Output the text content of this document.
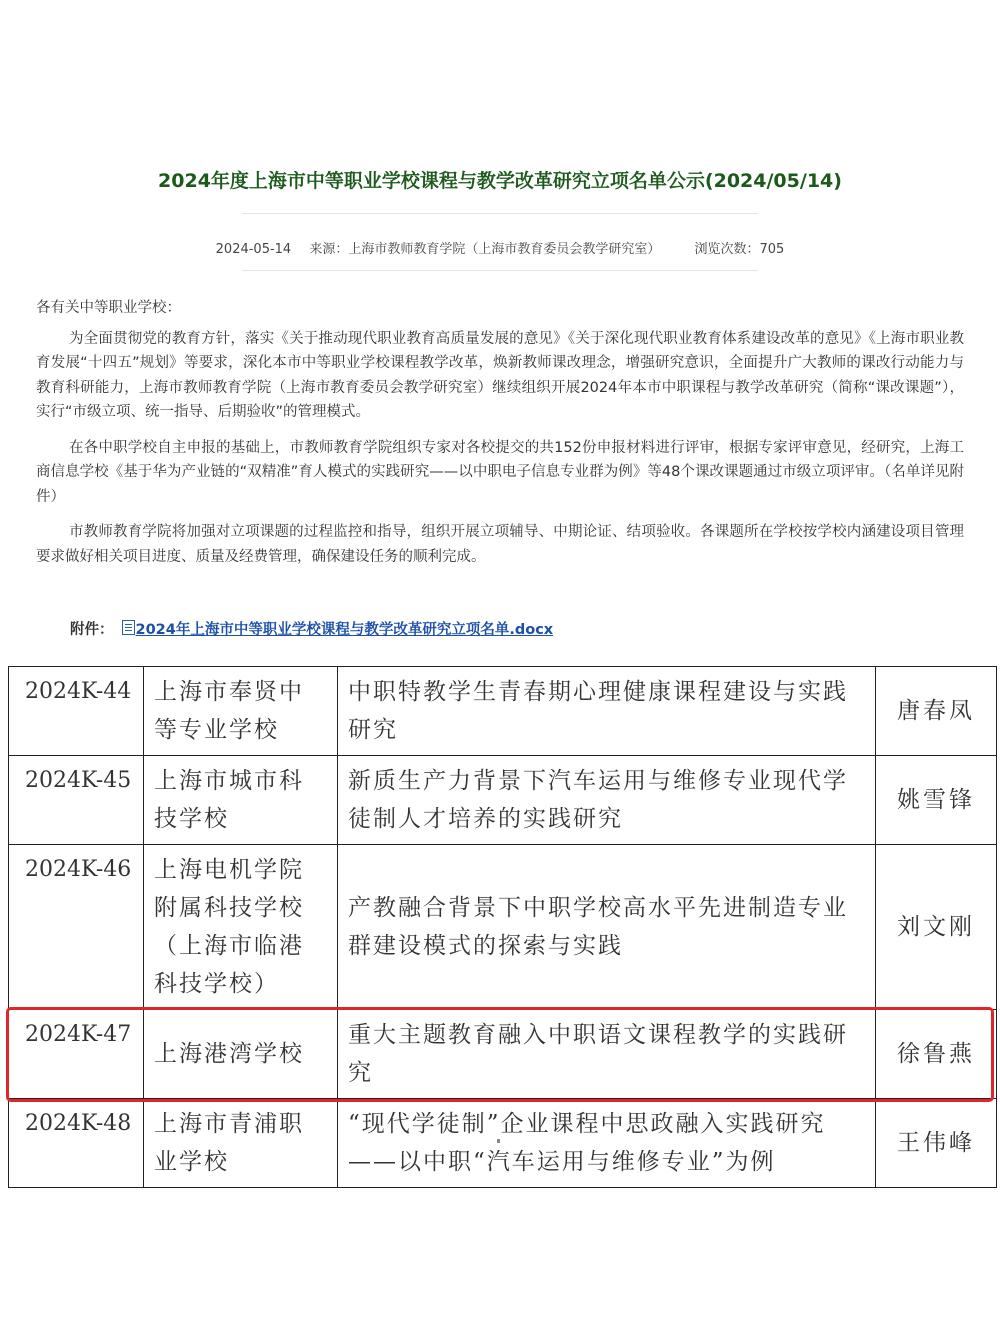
2024年度上海市中等职业学校课程与教学改革研究立项名单公示(2024/05/14)
2024-05-14 来源：上海市教师教育学院（上海市教育委员会教学研究室）	浏览次数：705

各有关中等职业学校：

为全面贯彻党的教育方针，落实《关于推动现代职业教育高质量发展的意见》《关于深化现代职业教育体系建设改革的意见》《上海市职业教育发展“十四五”规划》等要求，深化本市中等职业学校课程教学改革，焕新教师课改理念，增强研究意识，全面提升广大教师的课改行动能力与教育科研能力，上海市教师教育学院（上海市教育委员会教学研究室）继续组织开展2024年本市中职课程与教学改革研究（简称“课改课题”），实行“市级立项、统一指导、后期验收”的管理模式。

在各中职学校自主申报的基础上，市教师教育学院组织专家对各校提交的共152份申报材料进行评审，根据专家评审意见，经研究，上海工商信息学校《基于华为产业链的“双精准”育人模式的实践研究——以中职电子信息专业群为例》等48个课改课题通过市级立项评审。（名单详见附件）

市教师教育学院将加强对立项课题的过程监控和指导，组织开展立项辅导、中期论证、结项验收。各课题所在学校按学校内涵建设项目管理要求做好相关项目进度、质量及经费管理，确保建设任务的顺利完成。

附件： 2024年上海市中等职业学校课程与教学改革研究立项名单.docx
2024K-44	上海市奉贤中等专业学校	中职特教学生青春期心理健康课程建设与实践研究	唐春凤
2024K-45	上海市城市科技学校	新质生产力背景下汽车运用与维修专业现代学徒制人才培养的实践研究	姚雪锋
2024K-46	上海电机学院附属科技学校（上海市临港科技学校）	产教融合背景下中职学校高水平先进制造专业群建设模式的探索与实践	刘文刚
2024K-47	上海港湾学校	重大主题教育融入中职语文课程教学的实践研究	徐鲁燕
2024K-48	上海市青浦职业学校	“现代学徒制”企业课程中思政融入实践研究——以中职“汽车运用与维修专业”为例	王伟峰
